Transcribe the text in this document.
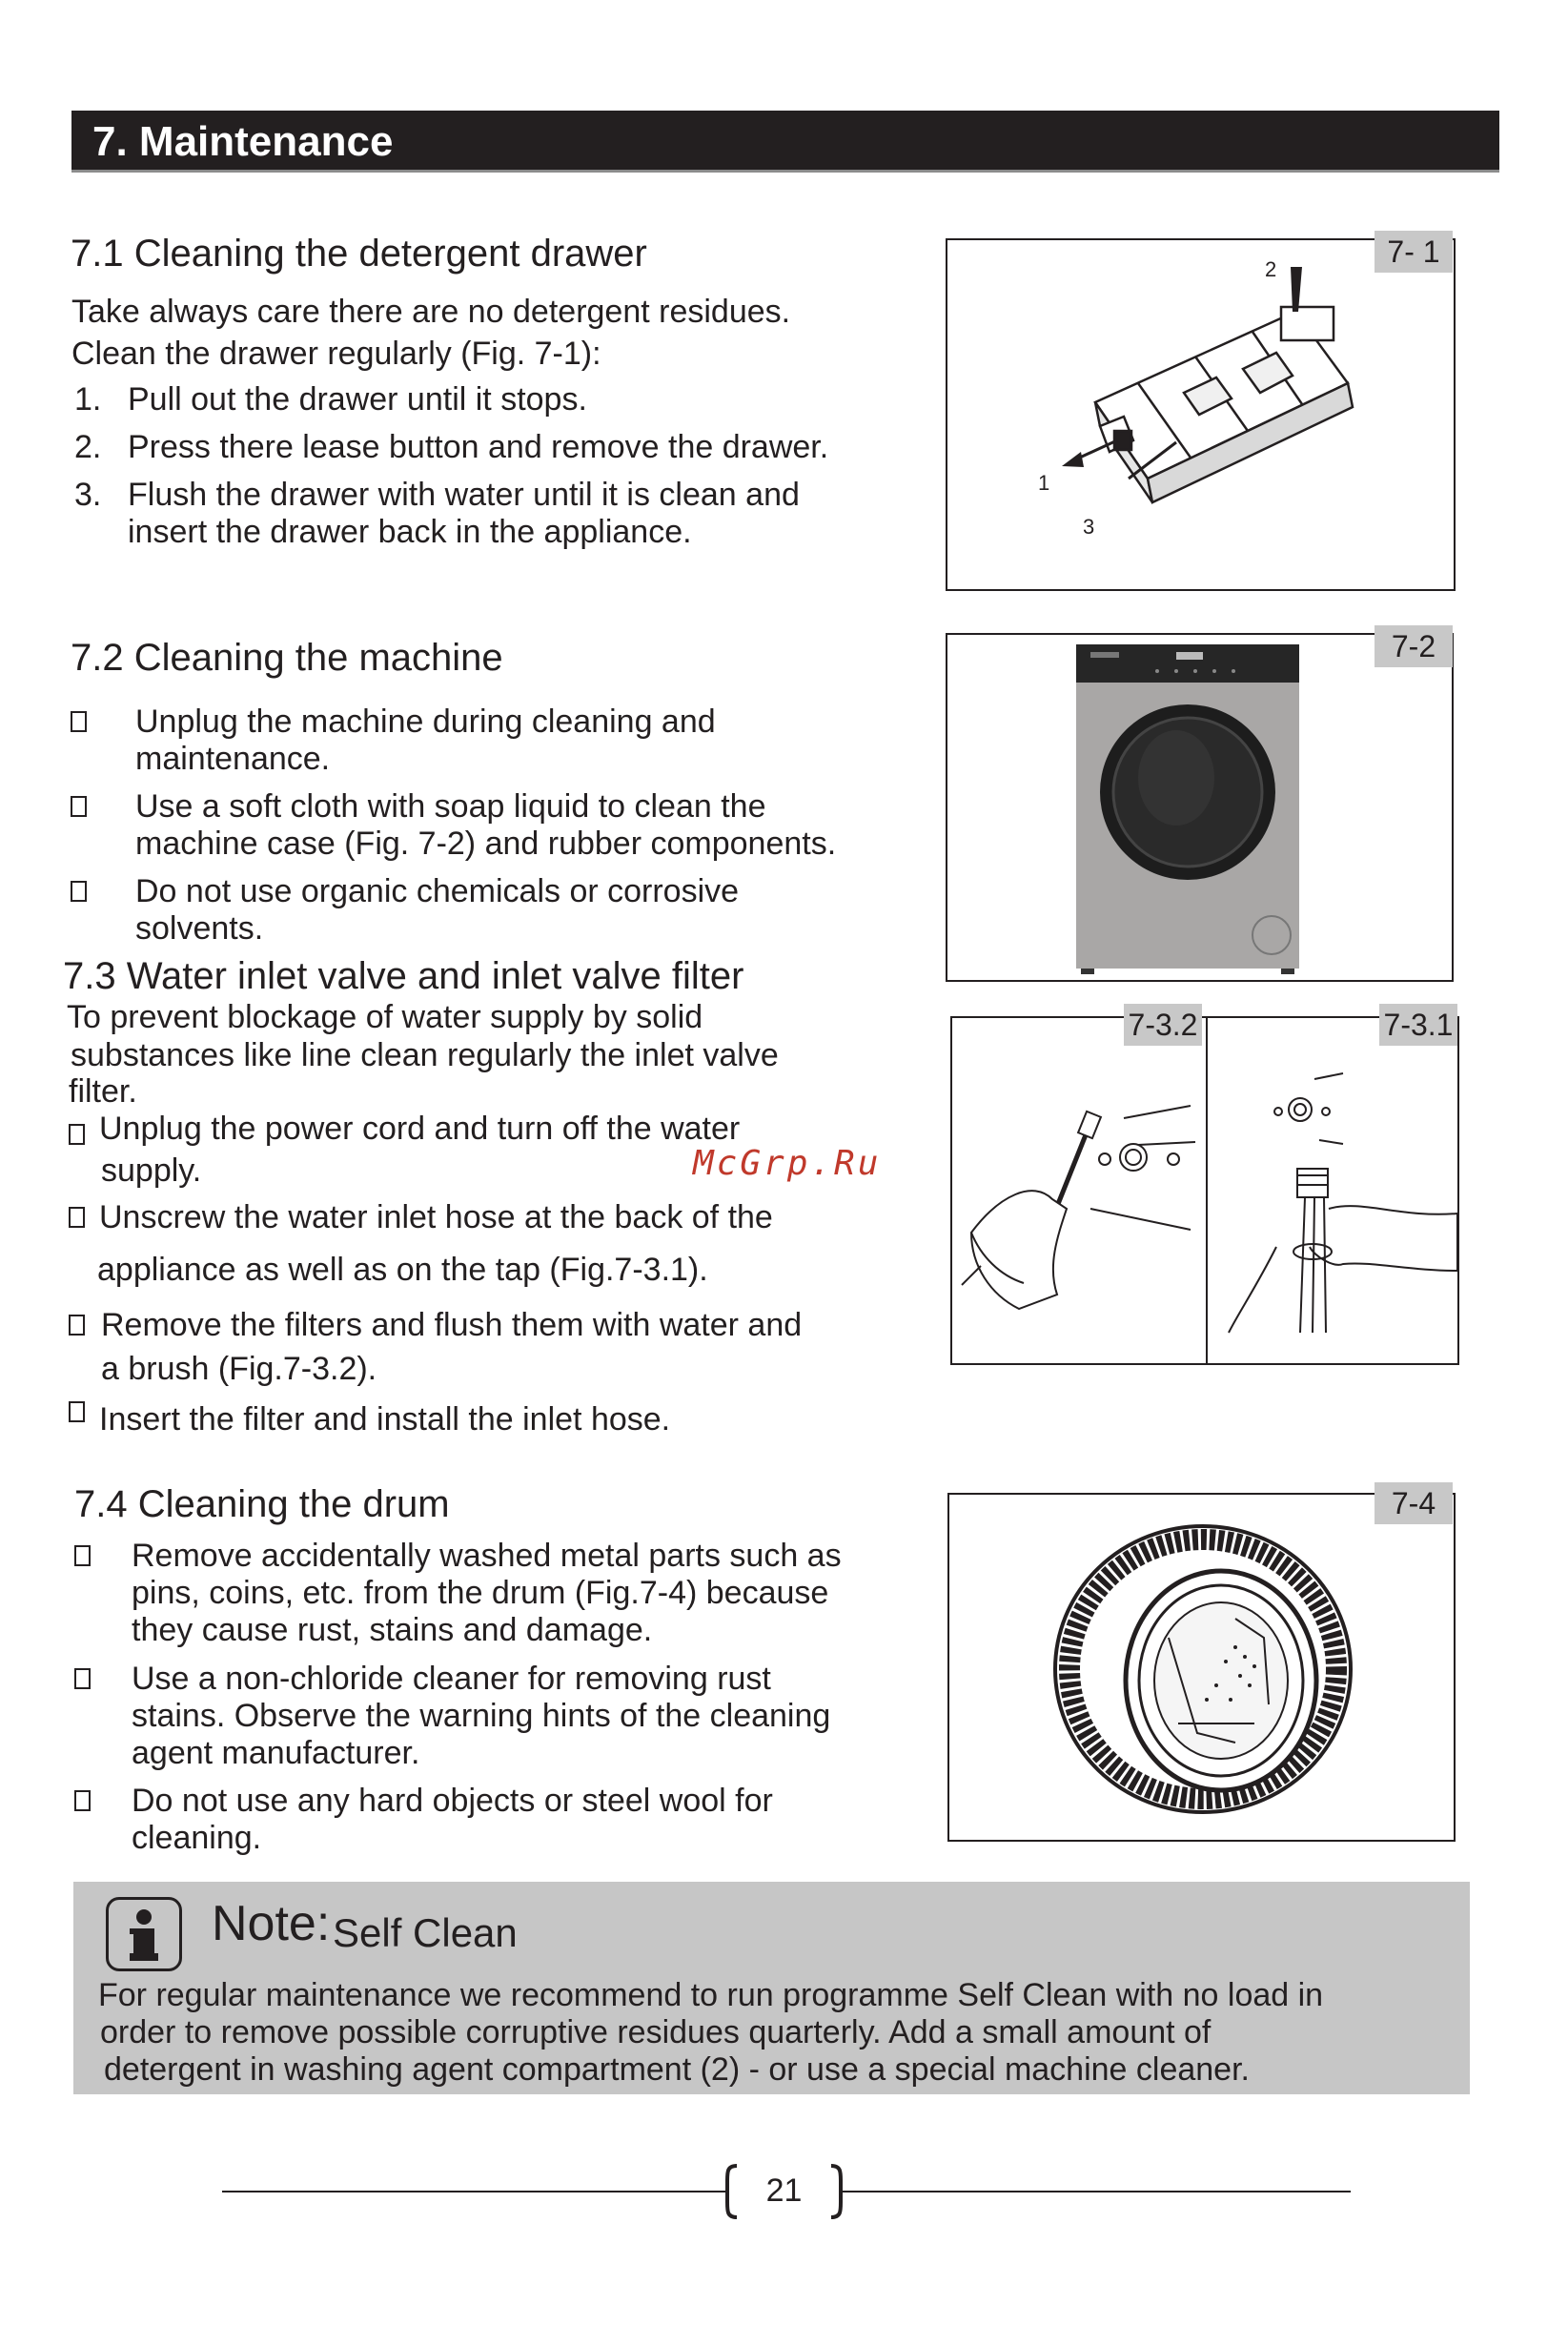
7. Maintenance
7.1 Cleaning the detergent drawer
Take always care there are no detergent residues.
Clean the drawer regularly (Fig. 7-1):
1. Pull out the drawer until it stops.
2. Press there lease button and remove the drawer.
3. Flush the drawer with water until it is clean and
insert the drawer back in the appliance.
2
1
3
7- 1
7.2 Cleaning the machine
Unplug the machine during cleaning and
maintenance.
Use a soft cloth with soap liquid to clean the
machine case (Fig. 7-2) and rubber components.
Do not use organic chemicals or corrosive
solvents.
7-2
7.3 Water inlet valve and inlet valve filter
To prevent blockage of water supply by solid
substances like line clean regularly the inlet valve
filter.
Unplug the power cord and turn off the water
supply.
Unscrew the water inlet hose at the back of the
appliance as well as on the tap (Fig.7-3.1).
Remove the filters and flush them with water and
a brush (Fig.7-3.2).
Insert the filter and install the inlet hose.
McGrp.Ru
7-3.2	7-3.1
7.4 Cleaning the drum
Remove accidentally washed metal parts such as
pins, coins, etc. from the drum (Fig.7-4) because
they cause rust, stains and damage.
Use a non-chloride cleaner for removing rust
stains. Observe the warning hints of the cleaning
agent manufacturer.
Do not use any hard objects or steel wool for
cleaning.
7-4
Note: Self Clean
For regular maintenance we recommend to run programme Self Clean with no load in
order to remove possible corruptive residues quarterly. Add a small amount of
detergent in washing agent compartment (2) - or use a special machine cleaner.
21
